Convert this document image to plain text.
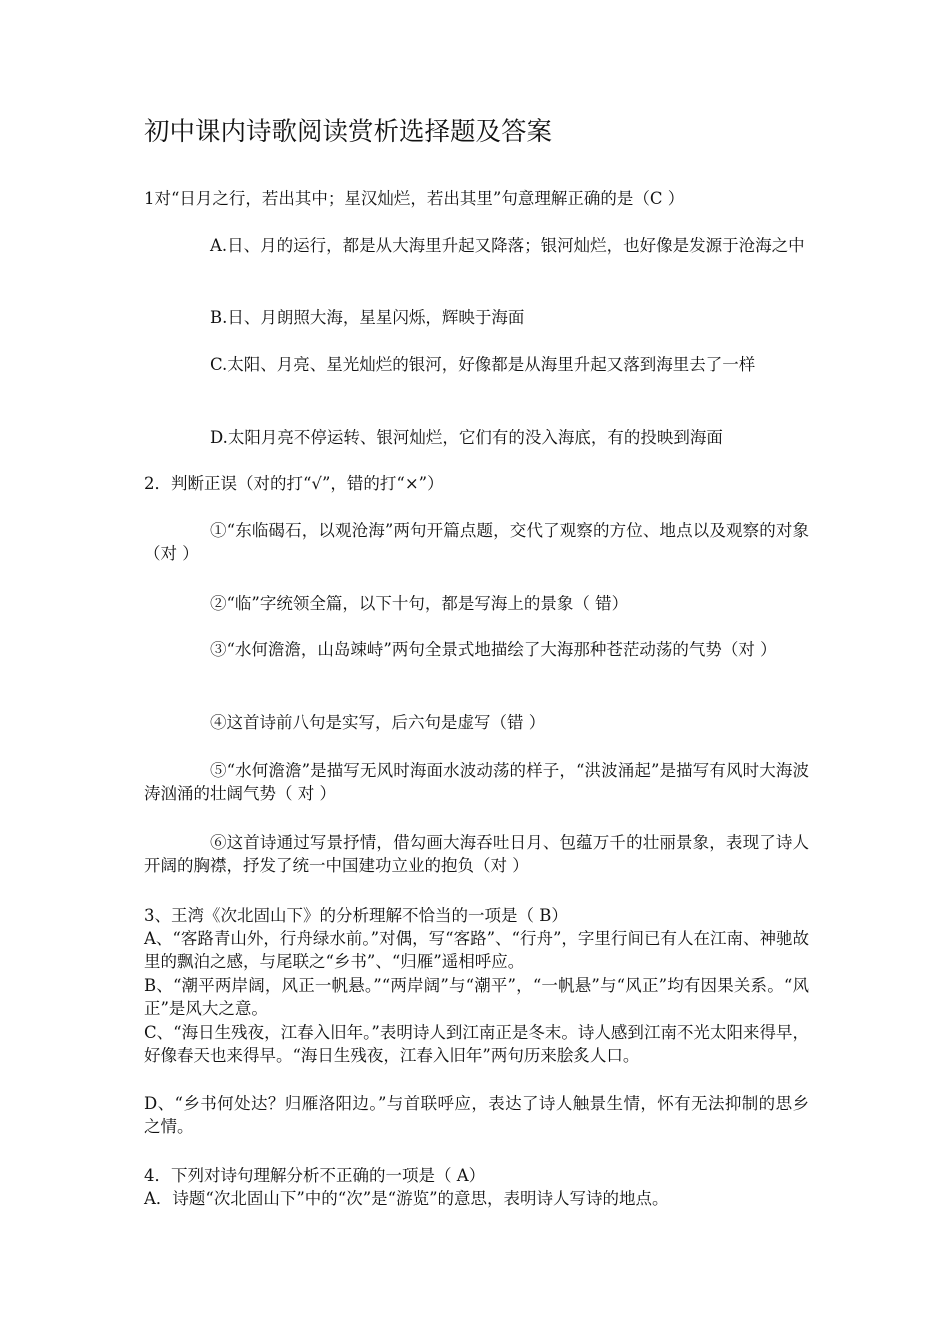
初中课内诗歌阅读赏析选择题及答案

1对“日月之行，若出其中；星汉灿烂，若出其里”句意理解正确的是（C ）

A.日、月的运行，都是从大海里升起又降落；银河灿烂，也好像是发源于沧海之中

B.日、月朗照大海，星星闪烁，辉映于海面

C.太阳、月亮、星光灿烂的银河，好像都是从海里升起又落到海里去了一样

D.太阳月亮不停运转、银河灿烂，它们有的没入海底，有的投映到海面

2．判断正误（对的打“√”，错的打“×”）

①“东临碣石，以观沧海”两句开篇点题，交代了观察的方位、地点以及观察的对象（对 ）

②“临”字统领全篇，以下十句，都是写海上的景象（ 错）

③“水何澹澹，山岛竦峙”两句全景式地描绘了大海那种苍茫动荡的气势（对 ）

④这首诗前八句是实写，后六句是虚写（错 ）

⑤“水何澹澹”是描写无风时海面水波动荡的样子，“洪波涌起”是描写有风时大海波涛汹涌的壮阔气势（ 对 ）

⑥这首诗通过写景抒情，借勾画大海吞吐日月、包蕴万千的壮丽景象，表现了诗人开阔的胸襟，抒发了统一中国建功立业的抱负（对 ）

3、王湾《次北固山下》的分析理解不恰当的一项是（ B）

A、“客路青山外，行舟绿水前。”对偶，写“客路”、“行舟”，字里行间已有人在江南、神驰故里的飘泊之感，与尾联之“乡书”、“归雁”遥相呼应。

B、“潮平两岸阔，风正一帆悬。”“两岸阔”与“潮平”，“一帆悬”与“风正”均有因果关系。“风正”是风大之意。

C、“海日生残夜，江春入旧年。”表明诗人到江南正是冬末。诗人感到江南不光太阳来得早，好像春天也来得早。“海日生残夜，江春入旧年”两句历来脍炙人口。

D、“乡书何处达？归雁洛阳边。”与首联呼应，表达了诗人触景生情，怀有无法抑制的思乡之情。

4．下列对诗句理解分析不正确的一项是（ A）

A．诗题“次北固山下”中的“次”是“游览”的意思，表明诗人写诗的地点。
